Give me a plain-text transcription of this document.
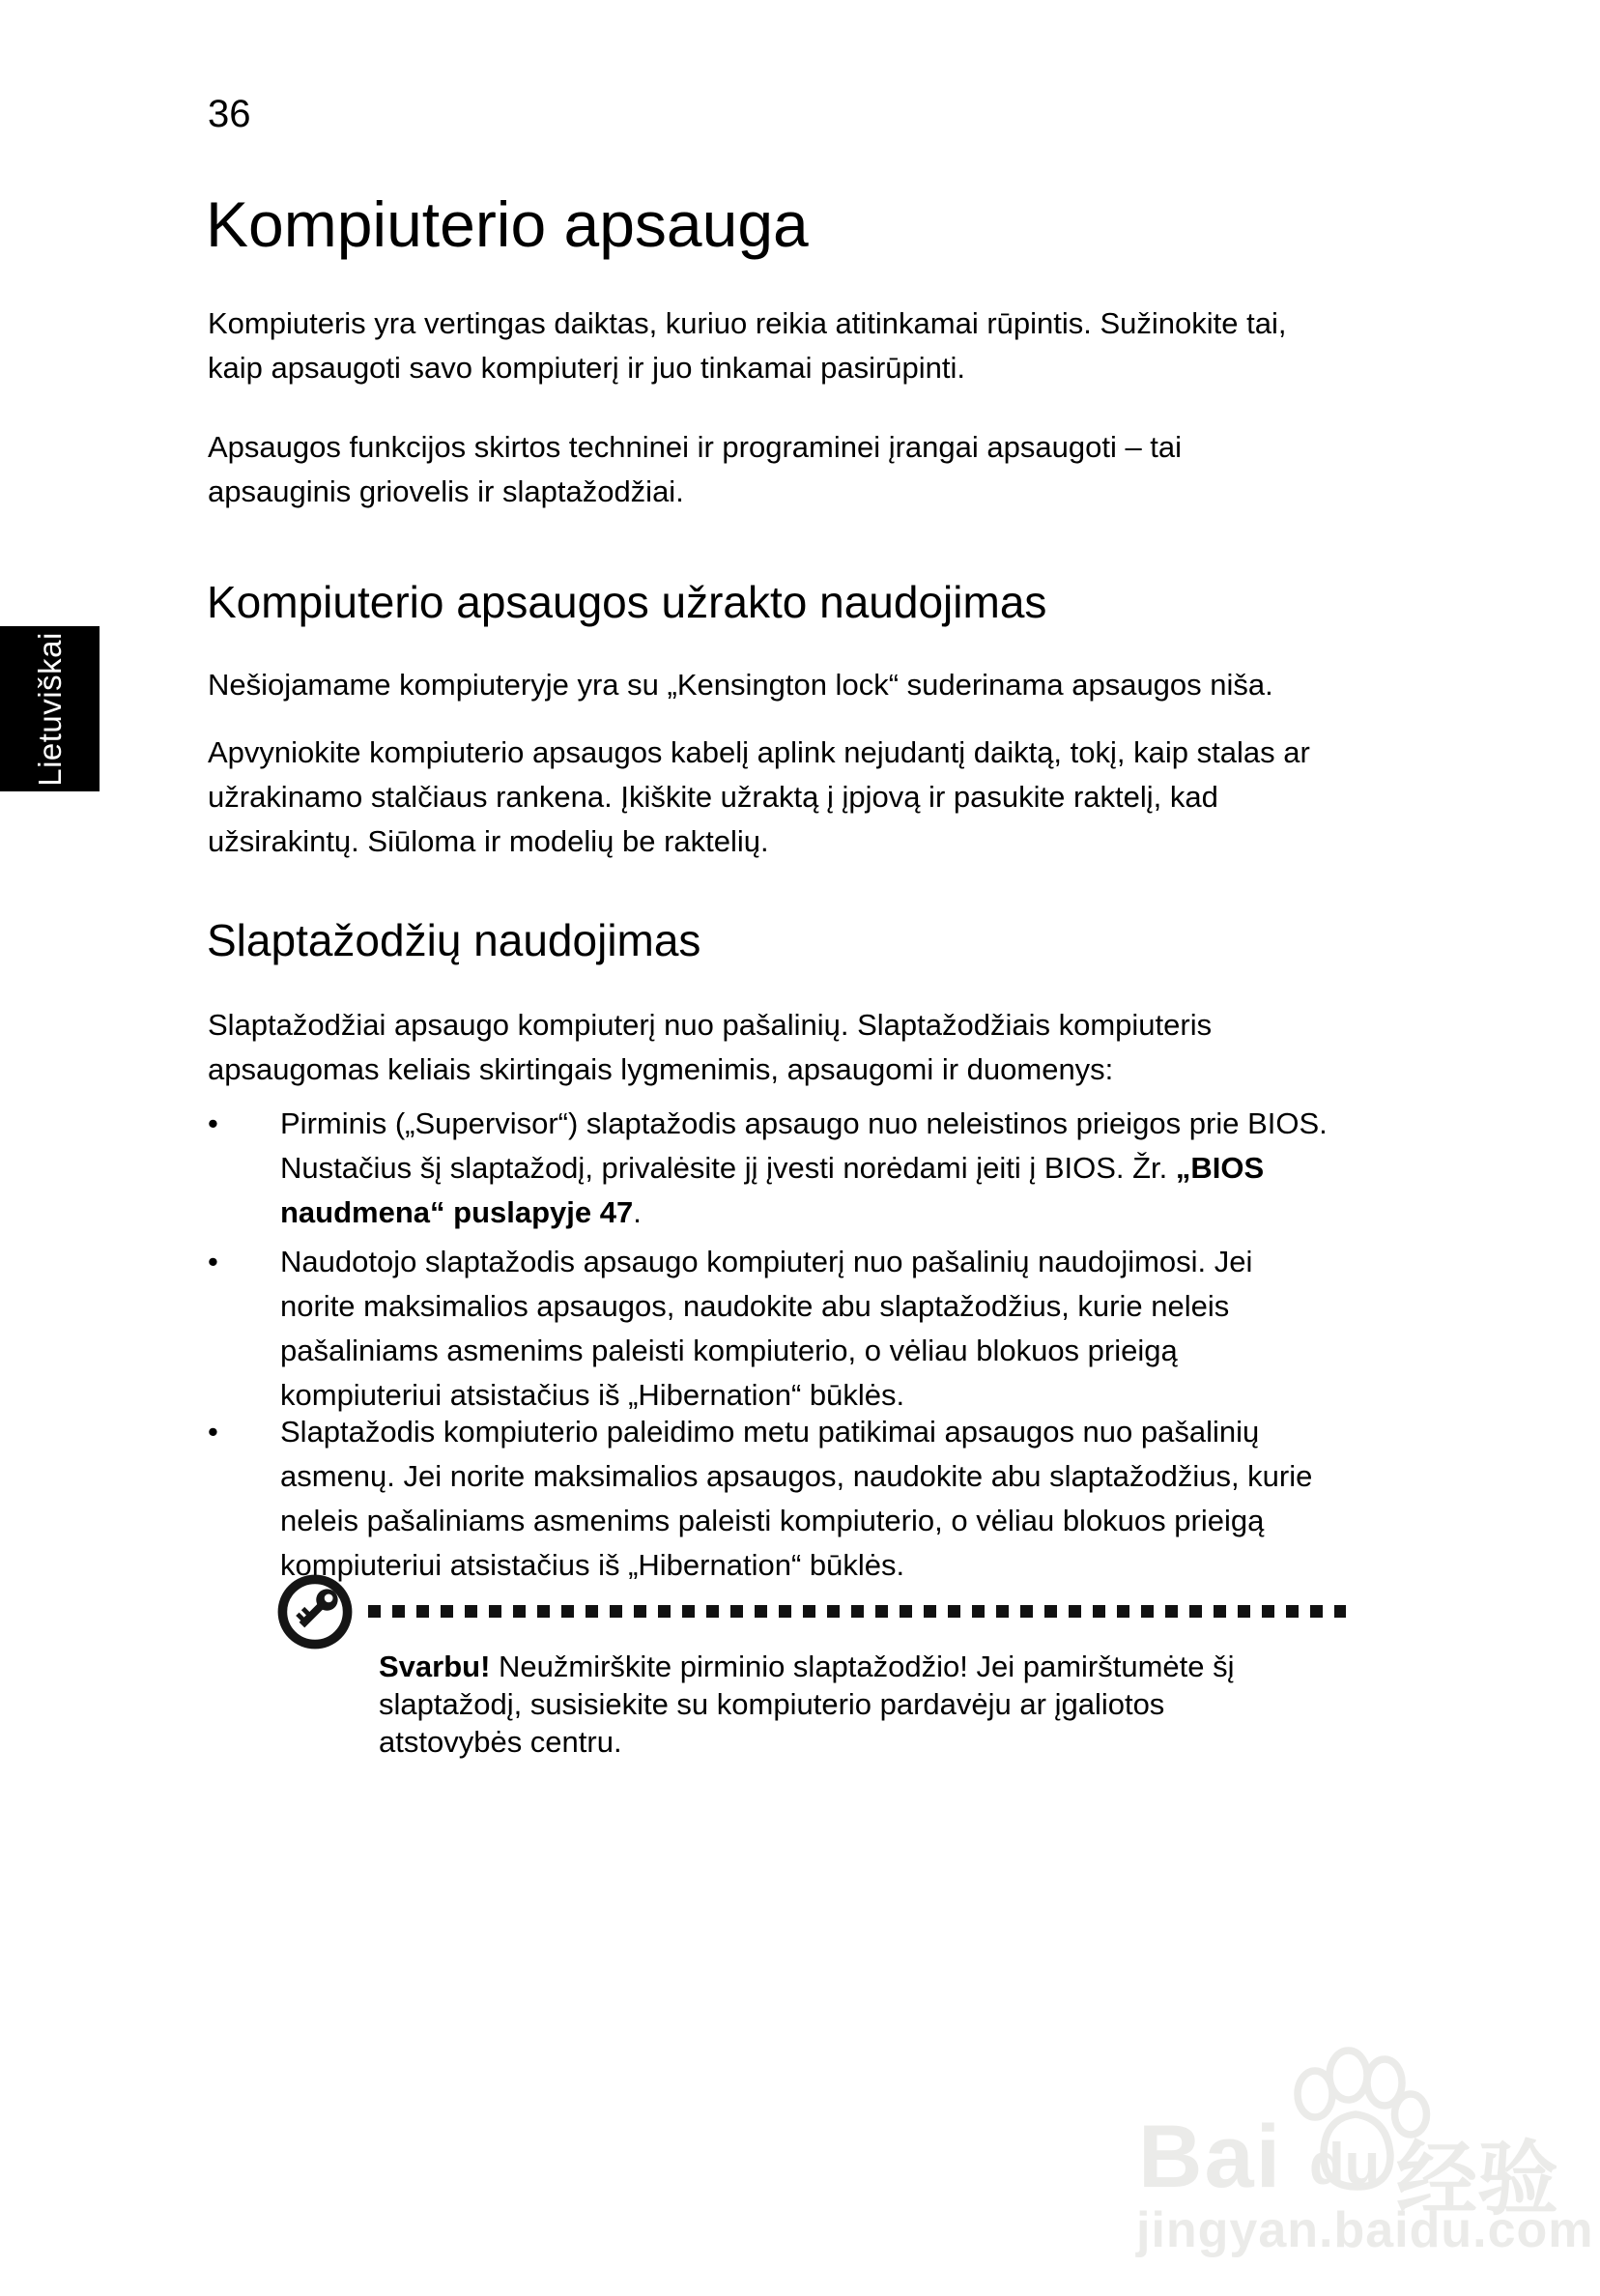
Lietuviškai
36
Kompiuterio apsauga
Kompiuteris yra vertingas daiktas, kuriuo reikia atitinkamai rūpintis. Sužinokite tai,
kaip apsaugoti savo kompiuterį ir juo tinkamai pasirūpinti.
Apsaugos funkcijos skirtos techninei ir programinei įrangai apsaugoti – tai
apsauginis griovelis ir slaptažodžiai.
Kompiuterio apsaugos užrakto naudojimas
Nešiojamame kompiuteryje yra su „Kensington lock“ suderinama apsaugos niša.
Apvyniokite kompiuterio apsaugos kabelį aplink nejudantį daiktą, tokį, kaip stalas ar
užrakinamo stalčiaus rankena. Įkiškite užraktą į įpjovą ir pasukite raktelį, kad
užsirakintų. Siūloma ir modelių be raktelių.
Slaptažodžių naudojimas
Slaptažodžiai apsaugo kompiuterį nuo pašalinių. Slaptažodžiais kompiuteris
apsaugomas keliais skirtingais lygmenimis, apsaugomi ir duomenys:
• Pirminis („Supervisor“) slaptažodis apsaugo nuo neleistinos prieigos prie BIOS.
Nustačius šį slaptažodį, privalėsite jį įvesti norėdami įeiti į BIOS. Žr. „BIOS
naudmena“ puslapyje 47.
• Naudotojo slaptažodis apsaugo kompiuterį nuo pašalinių naudojimosi. Jei
norite maksimalios apsaugos, naudokite abu slaptažodžius, kurie neleis
pašaliniams asmenims paleisti kompiuterio, o vėliau blokuos prieigą
kompiuteriui atsistačius iš „Hibernation“ būklės.
• Slaptažodis kompiuterio paleidimo metu patikimai apsaugos nuo pašalinių
asmenų. Jei norite maksimalios apsaugos, naudokite abu slaptažodžius, kurie
neleis pašaliniams asmenims paleisti kompiuterio, o vėliau blokuos prieigą
kompiuteriui atsistačius iš „Hibernation“ būklės.
Svarbu! Neužmirškite pirminio slaptažodžio! Jei pamirštumėte šį
slaptažodį, susisiekite su kompiuterio pardavėju ar įgaliotos
atstovybės centru.
Bai du 经验
jingyan.baidu.com
